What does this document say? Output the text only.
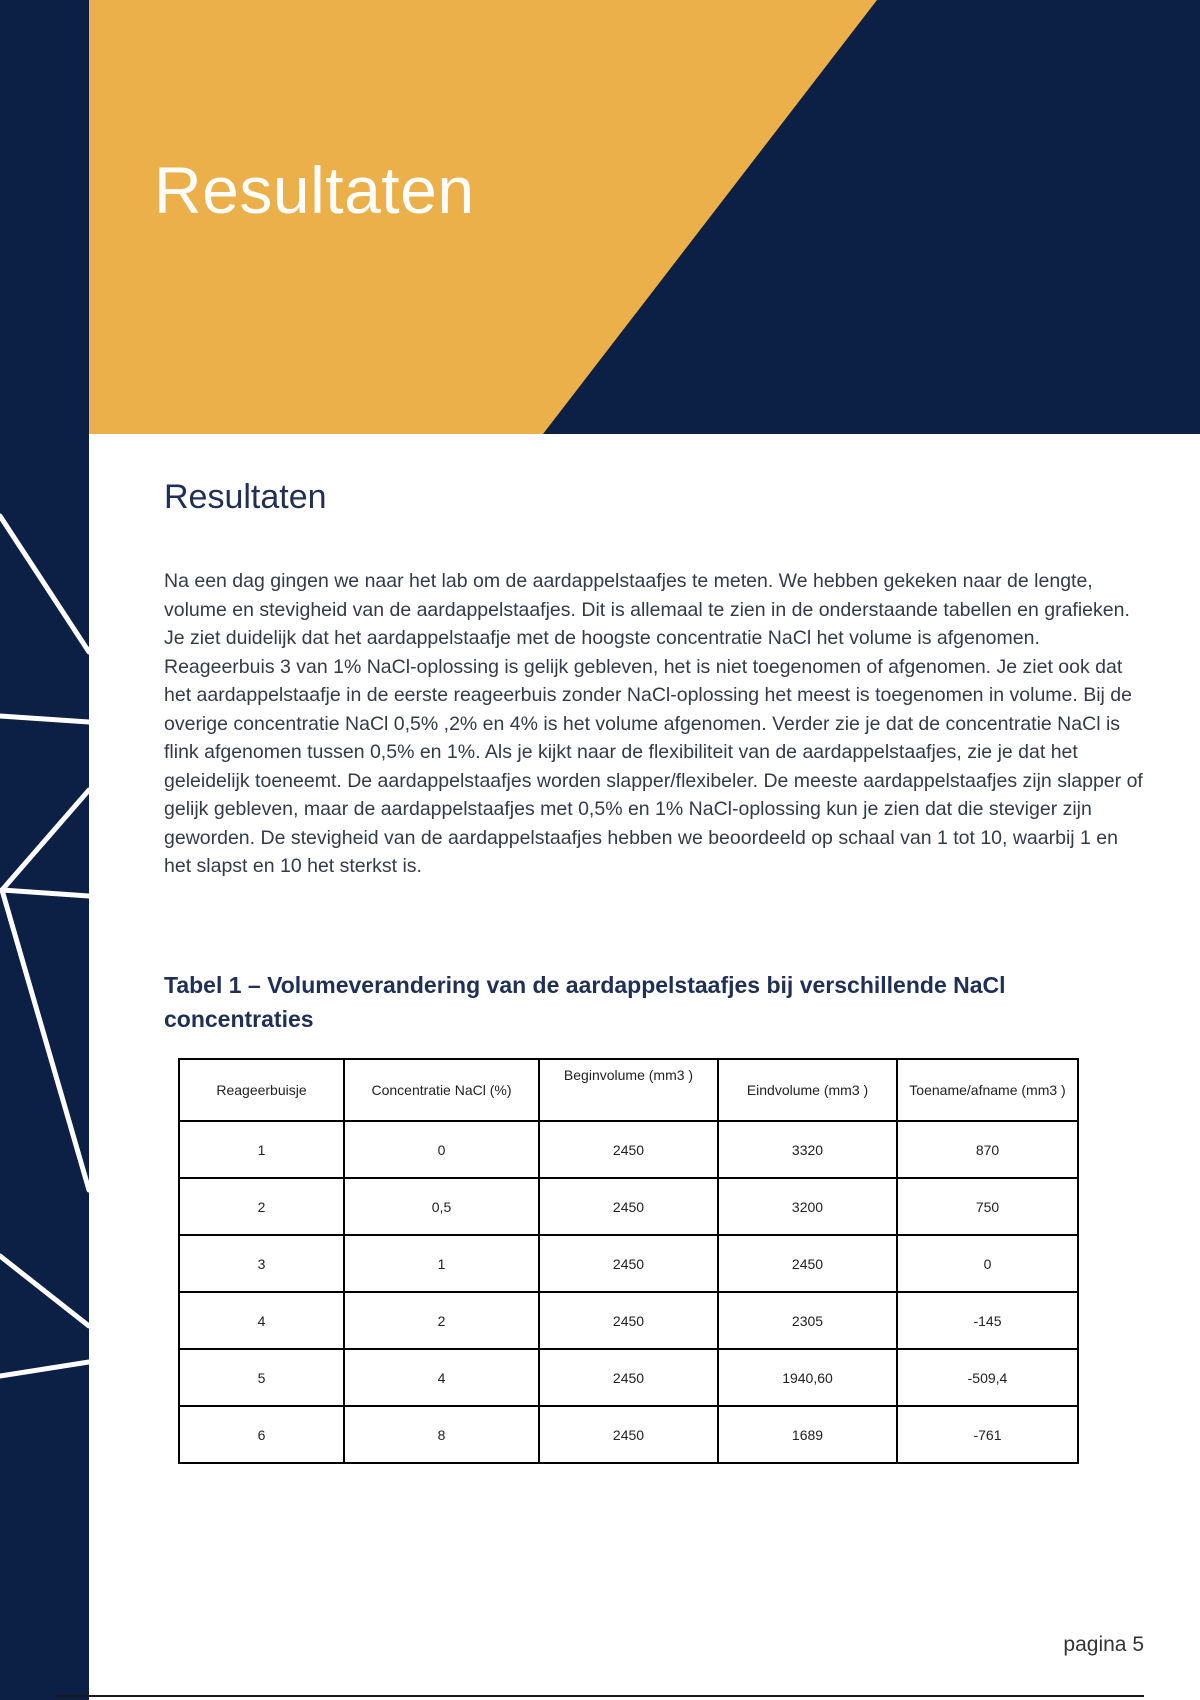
Resultaten
Resultaten

Na een dag gingen we naar het lab om de aardappelstaafjes te meten. We hebben gekeken naar de lengte, volume en stevigheid van de aardappelstaafjes. Dit is allemaal te zien in de onderstaande tabellen en grafieken. Je ziet duidelijk dat het aardappelstaafje met de hoogste concentratie NaCl het volume is afgenomen. Reageerbuis 3 van 1% NaCl-oplossing is gelijk gebleven, het is niet toegenomen of afgenomen. Je ziet ook dat het aardappelstaafje in de eerste reageerbuis zonder NaCl-oplossing het meest is toegenomen in volume. Bij de overige concentratie NaCl 0,5% ,2% en 4% is het volume afgenomen. Verder zie je dat de concentratie NaCl is flink afgenomen tussen 0,5% en 1%. Als je kijkt naar de flexibiliteit van de aardappelstaafjes, zie je dat het geleidelijk toeneemt. De aardappelstaafjes worden slapper/flexibeler. De meeste aardappelstaafjes zijn slapper of gelijk gebleven, maar de aardappelstaafjes met 0,5% en 1% NaCl-oplossing kun je zien dat die steviger zijn geworden. De stevigheid van de aardappelstaafjes hebben we beoordeeld op schaal van 1 tot 10, waarbij 1 en het slapst en 10 het sterkst is.

Tabel 1 – Volumeverandering van de aardappelstaafjes bij verschillende NaCl concentraties

Reageerbuisje	Concentratie NaCl (%)	Beginvolume (mm3 )	Eindvolume (mm3 )	Toename/afname (mm3 )
1	0	2450	3320	870
2	0,5	2450	3200	750
3	1	2450	2450	0
4	2	2450	2305	-145
5	4	2450	1940,60	-509,4
6	8	2450	1689	-761

pagina 5
